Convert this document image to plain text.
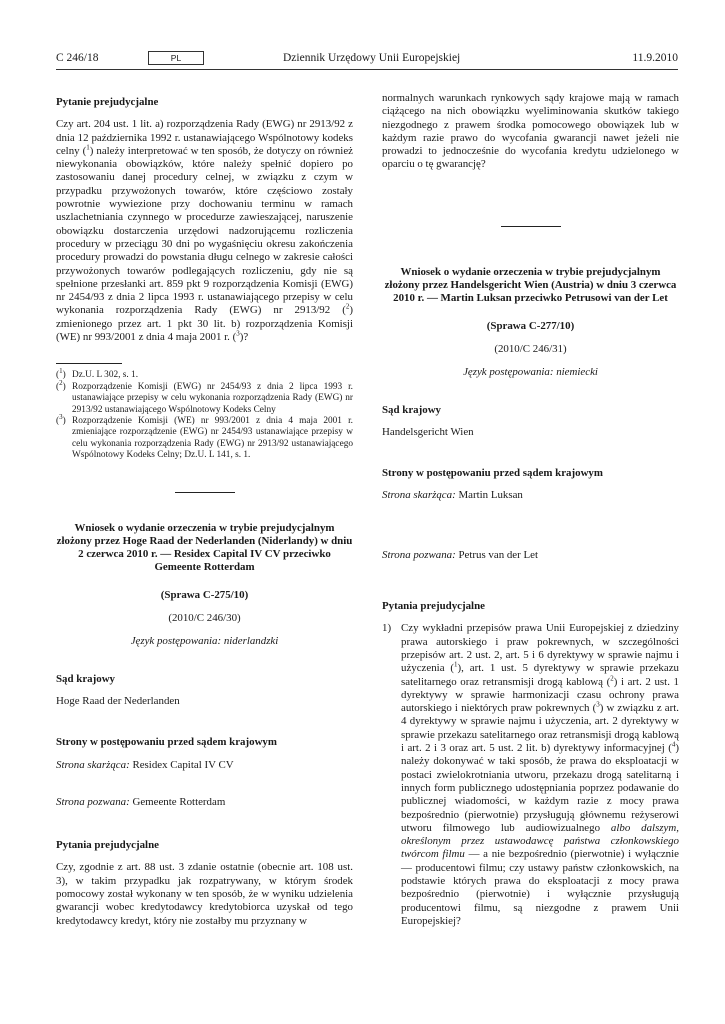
C 246/18	PL	Dziennik Urzędowy Unii Europejskiej	11.9.2010
Pytanie prejudycjalne
Czy art. 204 ust. 1 lit. a) rozporządzenia Rady (EWG) nr 2913/92 z dnia 12 października 1992 r. ustanawiającego Wspólnotowy kodeks celny ($^1$) należy interpretować w ten sposób, że dotyczy on również niewykonania obowiązków, które należy spełnić dopiero po zastosowaniu danej procedury celnej, w związku z czym w przypadku przywożonych towarów, które częściowo zostały powrotnie wywiezione przy dochowaniu terminu w ramach uszlachetniania czynnego w procedurze zawieszającej, naruszenie obowiązku dostarczenia urzędowi nadzorującemu rozliczenia procedury w przeciągu 30 dni po wygaśnięciu okresu zakończenia procedury prowadzi do powstania długu celnego w zakresie całości przywożonych towarów podlegających rozliczeniu, gdy nie są spełnione przesłanki art. 859 pkt 9 rozporządzenia Komisji (EWG) nr 2454/93 z dnia 2 lipca 1993 r. ustanawiającego przepisy w celu wykonania rozporządzenia Rady (EWG) nr 2913/92 ($^2$) zmienionego przez art. 1 pkt 30 lit. b) rozporządzenia Komisji (WE) nr 993/2001 z dnia 4 maja 2001 r. ($^3$)?
($^1$) Dz.U. L 302, s. 1.
($^2$) Rozporządzenie Komisji (EWG) nr 2454/93 z dnia 2 lipca 1993 r. ustanawiające przepisy w celu wykonania rozporządzenia Rady (EWG) nr 2913/92 ustanawiającego Wspólnotowy Kodeks Celny
($^3$) Rozporządzenie Komisji (WE) nr 993/2001 z dnia 4 maja 2001 r. zmieniające rozporządzenie (EWG) nr 2454/93 ustanawiające przepisy w celu wykonania rozporządzenia Rady (EWG) nr 2913/92 ustanawiającego Wspólnotowy Kodeks Celny; Dz.U. L 141, s. 1.
Wniosek o wydanie orzeczenia w trybie prejudycjalnym złożony przez Hoge Raad der Nederlanden (Niderlandy) w dniu 2 czerwca 2010 r. — Residex Capital IV CV przeciwko Gemeente Rotterdam
(Sprawa C-275/10)
(2010/C 246/30)
Język postępowania: niderlandzki
Sąd krajowy
Hoge Raad der Nederlanden
Strony w postępowaniu przed sądem krajowym
Strona skarżąca: Residex Capital IV CV
Strona pozwana: Gemeente Rotterdam
Pytania prejudycjalne
Czy, zgodnie z art. 88 ust. 3 zdanie ostatnie (obecnie art. 108 ust. 3), w takim przypadku jak rozpatrywany, w którym środek pomocowy został wykonany w ten sposób, że w wyniku udzielenia gwarancji wobec kredytodawcy kredytobiorca uzyskał od tego kredytodawcy kredyt, który nie zostałby mu przyznany w
normalnych warunkach rynkowych sądy krajowe mają w ramach ciążącego na nich obowiązku wyeliminowania skutków takiego niezgodnego z prawem środka pomocowego obowiązek lub w każdym razie prawo do wycofania gwarancji nawet jeżeli nie prowadzi to jednocześnie do wycofania kredytu udzielonego w oparciu o tę gwarancję?
Wniosek o wydanie orzeczenia w trybie prejudycjalnym złożony przez Handelsgericht Wien (Austria) w dniu 3 czerwca 2010 r. — Martin Luksan przeciwko Petrusowi van der Let
(Sprawa C-277/10)
(2010/C 246/31)
Język postępowania: niemiecki
Sąd krajowy
Handelsgericht Wien
Strony w postępowaniu przed sądem krajowym
Strona skarżąca: Martin Luksan
Strona pozwana: Petrus van der Let
Pytania prejudycjalne
1) Czy wykładni przepisów prawa Unii Europejskiej z dziedziny prawa autorskiego i praw pokrewnych, w szczególności przepisów art. 2 ust. 2, art. 5 i 6 dyrektywy w sprawie najmu i użyczenia ($^1$), art. 1 ust. 5 dyrektywy w sprawie przekazu satelitarnego oraz retransmisji drogą kablową ($^2$) i art. 2 ust. 1 dyrektywy w sprawie harmonizacji czasu ochrony prawa autorskiego i niektórych praw pokrewnych ($^3$) w związku z art. 4 dyrektywy w sprawie najmu i użyczenia, art. 2 dyrektywy w sprawie przekazu satelitarnego oraz retransmisji drogą kablową i art. 2 i 3 oraz art. 5 ust. 2 lit. b) dyrektywy informacyjnej ($^4$) należy dokonywać w taki sposób, że prawa do eksploatacji w postaci zwielokrotniania utworu, przekazu drogą satelitarną i innych form publicznego udostępniania poprzez podawanie do publicznej wiadomości, w każdym razie z mocy prawa bezpośrednio (pierwotnie) przysługują głównemu reżyserowi utworu filmowego lub audiowizualnego albo dalszym, określonym przez ustawodawcę państwa członkowskiego twórcom filmu — a nie bezpośrednio (pierwotnie) i wyłącznie — producentowi filmu; czy ustawy państw członkowskich, na podstawie których prawa do eksploatacji z mocy prawa bezpośrednio (pierwotnie) i wyłącznie przysługują producentowi filmu, są niezgodne z prawem Unii Europejskiej?
